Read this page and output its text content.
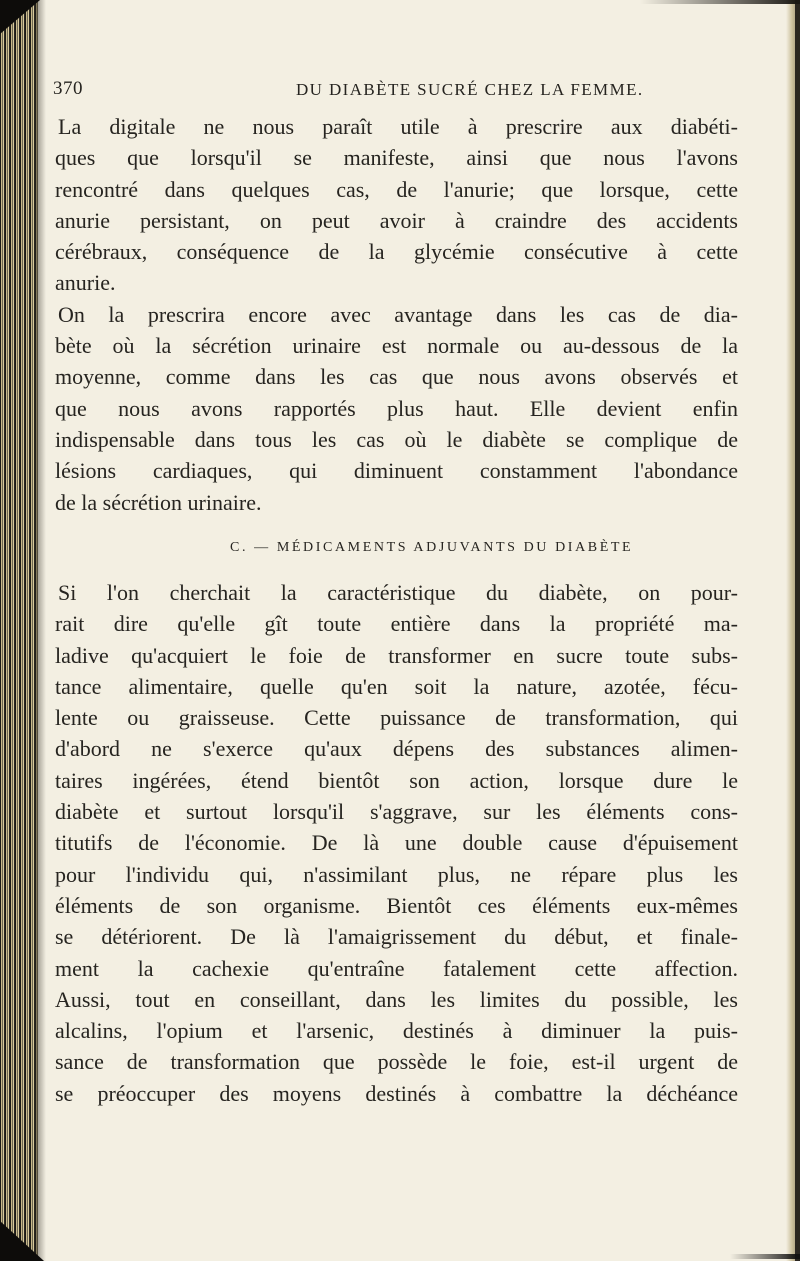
370	DU DIABÈTE SUCRÉ CHEZ LA FEMME.

La digitale ne nous paraît utile à prescrire aux diabéti-

ques que lorsqu'il se manifeste, ainsi que nous l'avons

rencontré dans quelques cas, de l'anurie; que lorsque, cette

anurie persistant, on peut avoir à craindre des accidents

cérébraux, conséquence de la glycémie consécutive à cette

anurie.

On la prescrira encore avec avantage dans les cas de dia-

bète où la sécrétion urinaire est normale ou au-dessous de la

moyenne, comme dans les cas que nous avons observés et

que nous avons rapportés plus haut. Elle devient enfin

indispensable dans tous les cas où le diabète se complique de

lésions cardiaques, qui diminuent constamment l'abondance

de la sécrétion urinaire.

C. — MÉDICAMENTS ADJUVANTS DU DIABÈTE

Si l'on cherchait la caractéristique du diabète, on pour-

rait dire qu'elle gît toute entière dans la propriété ma-

ladive qu'acquiert le foie de transformer en sucre toute subs-

tance alimentaire, quelle qu'en soit la nature, azotée, fécu-

lente ou graisseuse. Cette puissance de transformation, qui

d'abord ne s'exerce qu'aux dépens des substances alimen-

taires ingérées, étend bientôt son action, lorsque dure le

diabète et surtout lorsqu'il s'aggrave, sur les éléments cons-

titutifs de l'économie. De là une double cause d'épuisement

pour l'individu qui, n'assimilant plus, ne répare plus les

éléments de son organisme. Bientôt ces éléments eux-mêmes

se détériorent. De là l'amaigrissement du début, et finale-

ment la cachexie qu'entraîne fatalement cette affection.

Aussi, tout en conseillant, dans les limites du possible, les

alcalins, l'opium et l'arsenic, destinés à diminuer la puis-

sance de transformation que possède le foie, est-il urgent de

se préoccuper des moyens destinés à combattre la déchéance
